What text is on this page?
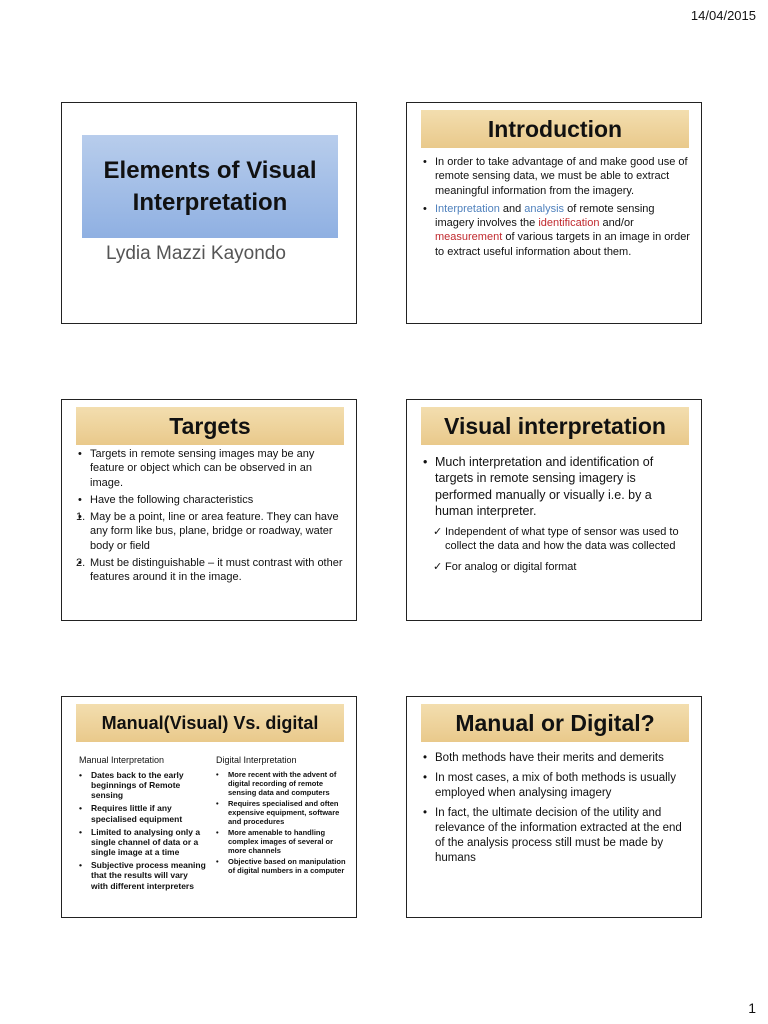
14/04/2015
Elements of Visual
Interpretation
Lydia Mazzi Kayondo
Introduction
• In order to take advantage of and make good use of remote sensing data, we must be able to extract meaningful information from the imagery.
• Interpretation and analysis of remote sensing imagery involves the identification and/or measurement of various targets in an image in order to extract useful information about them.
Targets
• Targets in remote sensing images may be any feature or object which can be observed in an image.
• Have the following characteristics
• 1. May be a point, line or area feature. They can have any form like bus, plane, bridge or roadway, water body or field
• 2. Must be distinguishable – it must contrast with other features around it in the image.
Visual interpretation
• Much interpretation and identification of targets in remote sensing imagery is performed manually or visually i.e. by a human interpreter.
✓ Independent of what type of sensor was used to collect the data and how the data was collected
✓ For analog or digital format
Manual(Visual) Vs. digital
Manual Interpretation
• Dates back to the early beginnings of Remote sensing
• Requires little if any specialised equipment
• Limited to analysing only a single channel of data or a single image at a time
• Subjective process meaning that the results will vary with different interpreters
Digital Interpretation
• More recent with the advent of digital recording of remote sensing data and computers
• Requires specialised and often expensive equipment, software and procedures
• More amenable to handling complex images of several or more channels
• Objective based on manipulation of digital numbers in a computer
Manual or Digital?
• Both methods have their merits and demerits
• In most cases, a mix of both methods is usually employed when analysing imagery
• In fact, the ultimate decision of the utility and relevance of the information extracted at the end of the analysis process still must be made by humans
1
